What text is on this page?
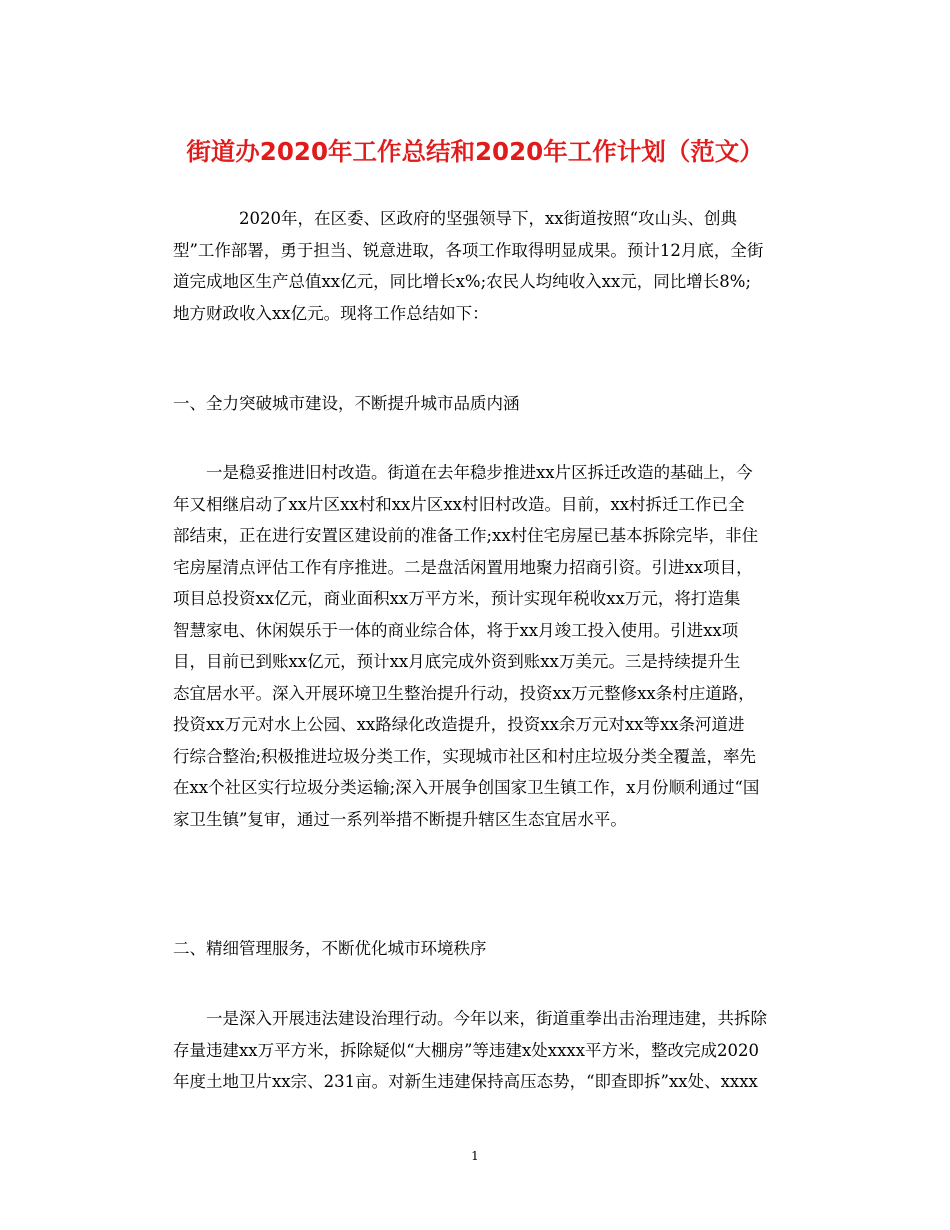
街道办2020年工作总结和2020年工作计划（范文）
2020年，在区委、区政府的坚强领导下，xx街道按照“攻山头、创典
型”工作部署，勇于担当、锐意进取，各项工作取得明显成果。预计12月底，全街
道完成地区生产总值xx亿元，同比增长x%;农民人均纯收入xx元，同比增长8%;
地方财政收入xx亿元。现将工作总结如下：
一、全力突破城市建设，不断提升城市品质内涵
一是稳妥推进旧村改造。街道在去年稳步推进xx片区拆迁改造的基础上，今
年又相继启动了xx片区xx村和xx片区xx村旧村改造。目前，xx村拆迁工作已全
部结束，正在进行安置区建设前的准备工作;xx村住宅房屋已基本拆除完毕，非住
宅房屋清点评估工作有序推进。二是盘活闲置用地聚力招商引资。引进xx项目，
项目总投资xx亿元，商业面积xx万平方米，预计实现年税收xx万元，将打造集
智慧家电、休闲娱乐于一体的商业综合体，将于xx月竣工投入使用。引进xx项
目，目前已到账xx亿元，预计xx月底完成外资到账xx万美元。三是持续提升生
态宜居水平。深入开展环境卫生整治提升行动，投资xx万元整修xx条村庄道路，
投资xx万元对水上公园、xx路绿化改造提升，投资xx余万元对xx等xx条河道进
行综合整治;积极推进垃圾分类工作，实现城市社区和村庄垃圾分类全覆盖，率先
在xx个社区实行垃圾分类运输;深入开展争创国家卫生镇工作，x月份顺利通过“国
家卫生镇”复审，通过一系列举措不断提升辖区生态宜居水平。
二、精细管理服务，不断优化城市环境秩序
一是深入开展违法建设治理行动。今年以来，街道重拳出击治理违建，共拆除
存量违建xx万平方米，拆除疑似“大棚房”等违建x处xxxx平方米，整改完成2020
年度土地卫片xx宗、231亩。对新生违建保持高压态势，“即查即拆”xx处、xxxx
1
